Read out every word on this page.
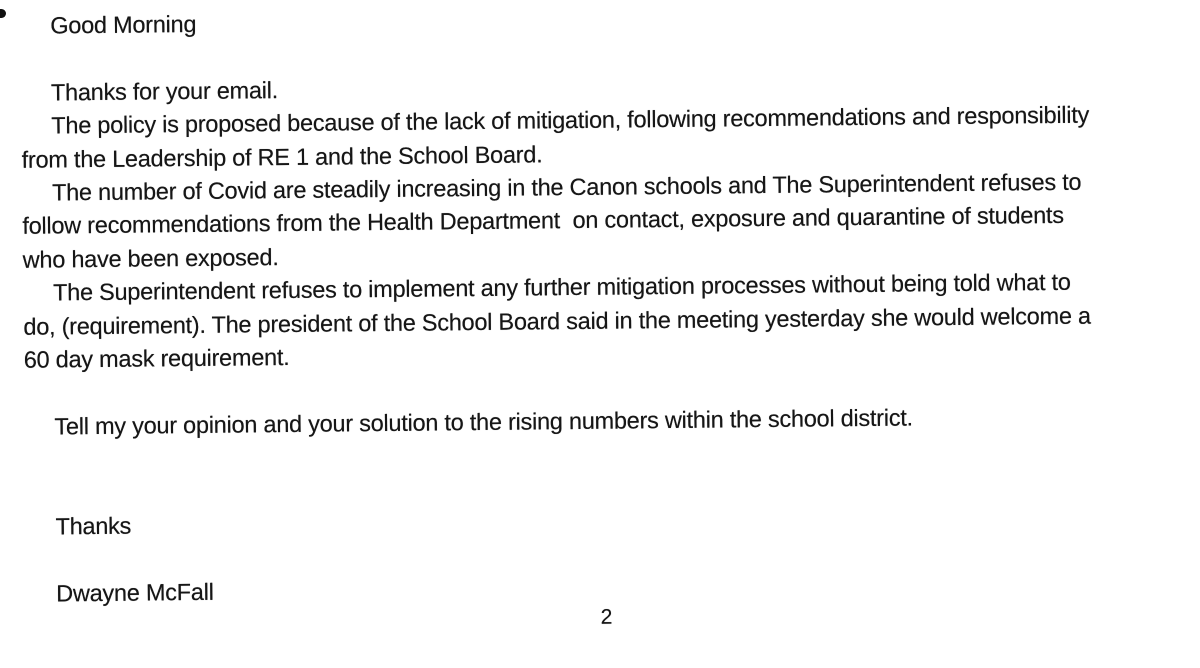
Good Morning
Thanks for your email.
The policy is proposed because of the lack of mitigation, following recommendations and responsibility
from the Leadership of RE 1 and the School Board.
The number of Covid are steadily increasing in the Canon schools and The Superintendent refuses to
follow recommendations from the Health Department  on contact, exposure and quarantine of students
who have been exposed.
The Superintendent refuses to implement any further mitigation processes without being told what to
do, (requirement). The president of the School Board said in the meeting yesterday she would welcome a
60 day mask requirement.
Tell my your opinion and your solution to the rising numbers within the school district.
Thanks
Dwayne McFall
2
